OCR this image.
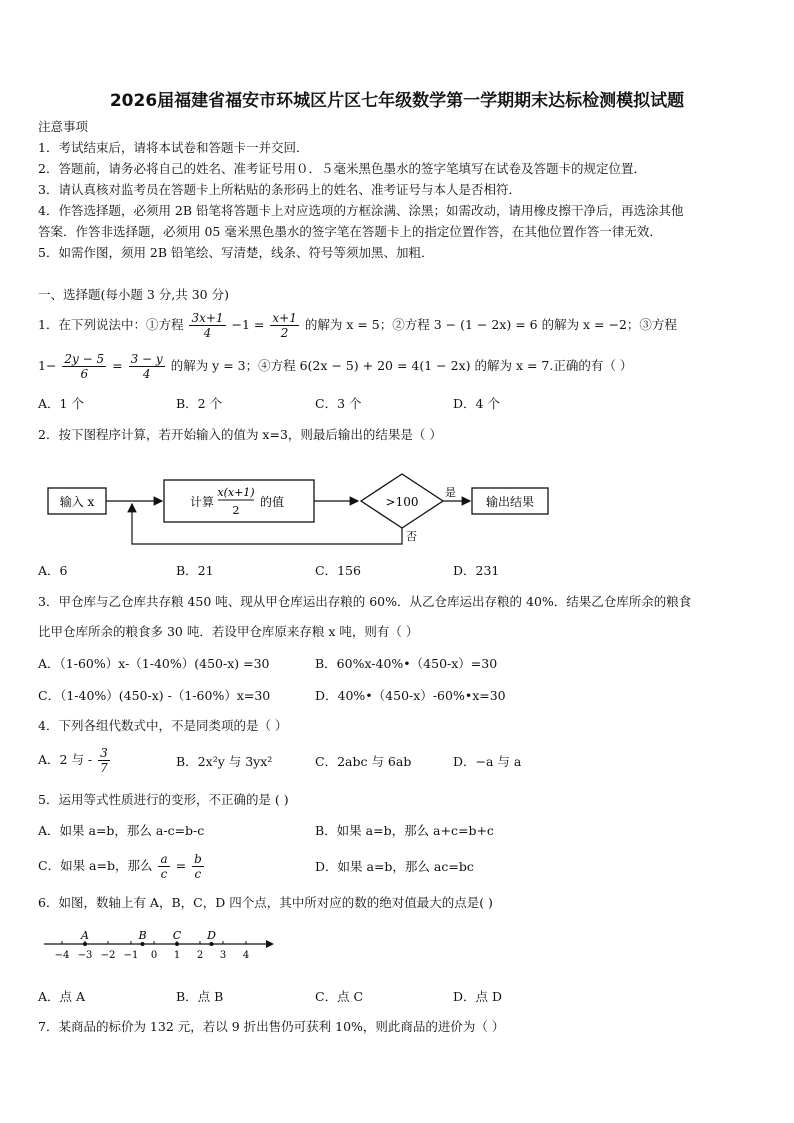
2026届福建省福安市环城区片区七年级数学第一学期期末达标检测模拟试题
注意事项
1．考试结束后，请将本试卷和答题卡一并交回．
2．答题前，请务必将自己的姓名、准考证号用０．５毫米黑色墨水的签字笔填写在试卷及答题卡的规定位置．
3．请认真核对监考员在答题卡上所粘贴的条形码上的姓名、准考证号与本人是否相符．
4．作答选择题，必须用 2B 铅笔将答题卡上对应选项的方框涂满、涂黑；如需改动，请用橡皮擦干净后，再选涂其他
答案．作答非选择题，必须用 05 毫米黑色墨水的签字笔在答题卡上的指定位置作答，在其他位置作答一律无效．
5．如需作图，须用 2B 铅笔绘、写清楚，线条、符号等须加黑、加粗．
一、选择题(每小题 3 分,共 30 分)
1．在下列说法中：①方程 $\frac{3x+1}{4} -1 = \frac{x+1}{2}$ 的解为 x = 5；②方程 3 − (1 − 2x) = 6 的解为 x = −2；③方程
$1- \frac{2y - 5}{6} = \frac{3 - y}{4}$ 的解为 y = 3；④方程 6(2x − 5) + 20 = 4(1 − 2x) 的解为 x = 7.正确的有（ ）
A．1 个	B．2 个	C．3 个	D．4 个
2．按下图程序计算，若开始输入的值为 x=3，则最后输出的结果是（ ）
输入 x	计算
x(x+1)
2
的值	>100
是
输出结果
否
A．6	B．21	C．156	D．231
3．甲仓库与乙仓库共存粮 450 吨、现从甲仓库运出存粮的 60%．从乙仓库运出存粮的 40%．结果乙仓库所余的粮食
比甲仓库所余的粮食多 30 吨．若设甲仓库原来存粮 x 吨，则有（ ）
A．（1-60%）x-（1-40%）(450-x) =30	B．60%x-40%•（450-x）=30
C．（1-40%）(450-x) -（1-60%）x=30	D．40%•（450-x）-60%•x=30
4．下列各组代数式中，不是同类项的是（ ）
A．2 与 - $\frac{3}{7}$	B．2x²y 与 3yx²	C．2abc 与 6ab	D．−a 与 a
5．运用等式性质进行的变形，不正确的是 ( )
A．如果 a=b，那么 a-c=b-c	B．如果 a=b，那么 a+c=b+c
C．如果 a=b，那么 $\frac{a}{c} = \frac{b}{c}$	D．如果 a=b，那么 ac=bc
6．如图，数轴上有 A，B，C，D 四个点，其中所对应的数的绝对值最大的点是( )
−4 −3 −2 −1 0 1 2 3 4
A	B C D
A．点 A	B．点 B	C．点 C	D．点 D
7．某商品的标价为 132 元，若以 9 折出售仍可获利 10%，则此商品的进价为（ ）
